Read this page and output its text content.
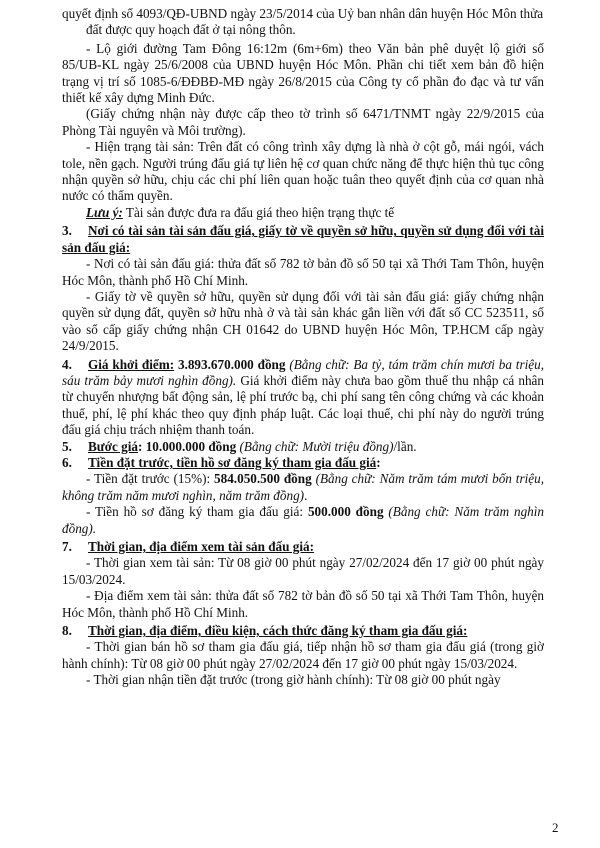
quyết định số 4093/QĐ-UBND ngày 23/5/2014 của Uỷ ban nhân dân huyện Hóc Môn thửa
đất được quy hoạch đất ở tại nông thôn.

- Lộ giới đường Tam Đông 16:12m (6m+6m) theo Văn bản phê duyệt lộ giới số 85/UB-KL ngày 25/6/2008 của UBND huyện Hóc Môn. Phần chi tiết xem bản đồ hiện trạng vị trí số 1085-6/ĐĐBĐ-MĐ ngày 26/8/2015 của Công ty cổ phần đo đạc và tư vấn thiết kế xây dựng Minh Đức.

(Giấy chứng nhận này được cấp theo tờ trình số 6471/TNMT ngày 22/9/2015 của Phòng Tài nguyên và Môi trường).

- Hiện trạng tài sản: Trên đất có công trình xây dựng là nhà ở cột gỗ, mái ngói, vách tole, nền gạch. Người trúng đấu giá tự liên hệ cơ quan chức năng để thực hiện thủ tục công nhận quyền sở hữu, chịu các chi phí liên quan hoặc tuân theo quyết định của cơ quan nhà nước có thẩm quyền.

Lưu ý: Tài sản được đưa ra đấu giá theo hiện trạng thực tế

3. Nơi có tài sản tài sản đấu giá, giấy tờ về quyền sở hữu, quyền sử dụng đối với tài sản đấu giá:

- Nơi có tài sản đấu giá: thửa đất số 782 tờ bản đồ số 50 tại xã Thới Tam Thôn, huyện Hóc Môn, thành phố Hồ Chí Minh.

- Giấy tờ về quyền sở hữu, quyền sử dụng đối với tài sản đấu giá: giấy chứng nhận quyền sử dụng đất, quyền sở hữu nhà ở và tài sản khác gắn liền với đất số CC 523511, số vào sổ cấp giấy chứng nhận CH 01642 do UBND huyện Hóc Môn, TP.HCM cấp ngày 24/9/2015.

4. Giá khởi điểm: 3.893.670.000 đồng (Bằng chữ: Ba tỷ, tám trăm chín mươi ba triệu, sáu trăm bảy mươi nghìn đồng). Giá khởi điểm này chưa bao gồm thuế thu nhập cá nhân từ chuyển nhượng bất động sản, lệ phí trước bạ, chi phí sang tên công chứng và các khoản thuế, phí, lệ phí khác theo quy định pháp luật. Các loại thuế, chi phí này do người trúng đấu giá chịu trách nhiệm thanh toán.

5. Bước giá: 10.000.000 đồng (Bằng chữ: Mười triệu đồng)/lần.

6. Tiền đặt trước, tiền hồ sơ đăng ký tham gia đấu giá:

- Tiền đặt trước (15%): 584.050.500 đồng (Bằng chữ: Năm trăm tám mươi bốn triệu, không trăm năm mươi nghìn, năm trăm đồng).

- Tiền hồ sơ đăng ký tham gia đấu giá: 500.000 đồng (Bằng chữ: Năm trăm nghìn đồng).

7. Thời gian, địa điểm xem tài sản đấu giá:

- Thời gian xem tài sản: Từ 08 giờ 00 phút ngày 27/02/2024 đến 17 giờ 00 phút ngày 15/03/2024.

- Địa điểm xem tài sản: thửa đất số 782 tờ bản đồ số 50 tại xã Thới Tam Thôn, huyện Hóc Môn, thành phố Hồ Chí Minh.

8. Thời gian, địa điểm, điều kiện, cách thức đăng ký tham gia đấu giá:

- Thời gian bán hồ sơ tham gia đấu giá, tiếp nhận hồ sơ tham gia đấu giá (trong giờ hành chính): Từ 08 giờ 00 phút ngày 27/02/2024 đến 17 giờ 00 phút ngày 15/03/2024.

- Thời gian nhận tiền đặt trước (trong giờ hành chính): Từ 08 giờ 00 phút ngày

2
